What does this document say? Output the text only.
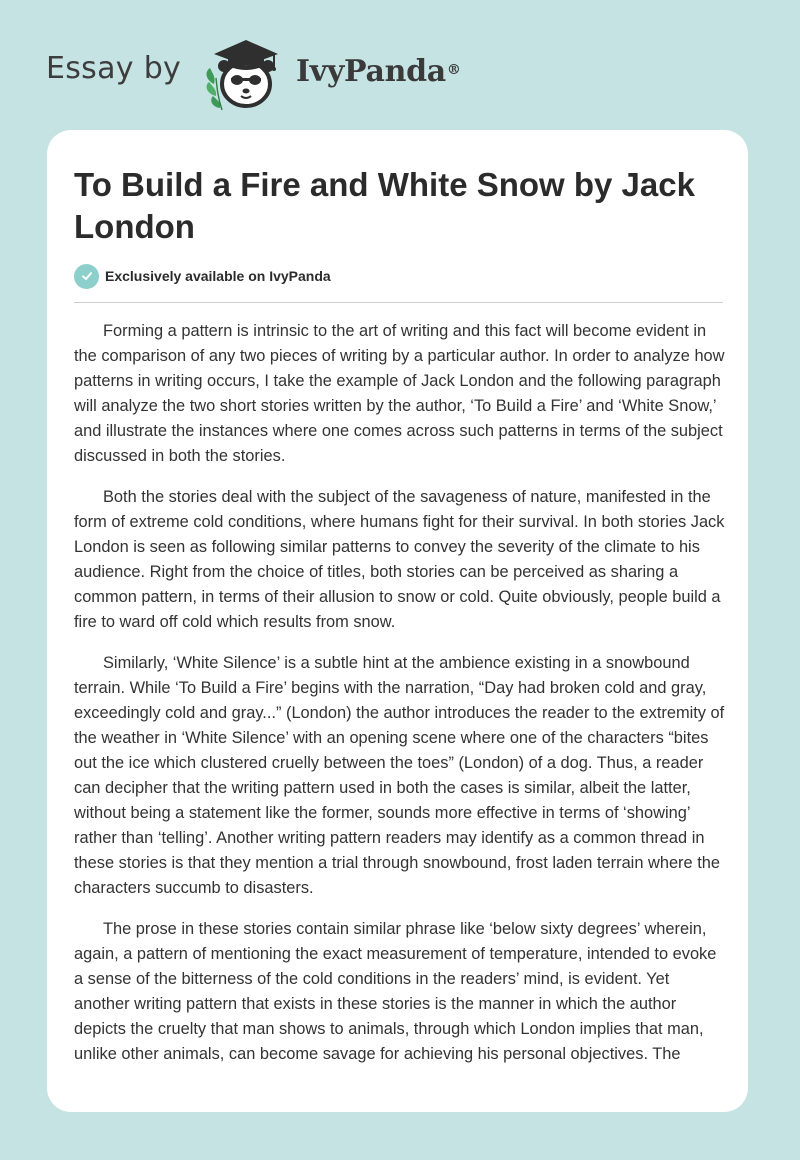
Essay by	IvyPanda®
To Build a Fire and White Snow by Jack London
Exclusively available on IvyPanda

Forming a pattern is intrinsic to the art of writing and this fact will become evident in the comparison of any two pieces of writing by a particular author. In order to analyze how patterns in writing occurs, I take the example of Jack London and the following paragraph will analyze the two short stories written by the author, ‘To Build a Fire’ and ‘White Snow,’ and illustrate the instances where one comes across such patterns in terms of the subject discussed in both the stories.

Both the stories deal with the subject of the savageness of nature, manifested in the form of extreme cold conditions, where humans fight for their survival. In both stories Jack London is seen as following similar patterns to convey the severity of the climate to his audience. Right from the choice of titles, both stories can be perceived as sharing a common pattern, in terms of their allusion to snow or cold. Quite obviously, people build a fire to ward off cold which results from snow.

Similarly, ‘White Silence’ is a subtle hint at the ambience existing in a snowbound terrain. While ‘To Build a Fire’ begins with the narration, “Day had broken cold and gray, exceedingly cold and gray...” (London) the author introduces the reader to the extremity of the weather in ‘White Silence’ with an opening scene where one of the characters “bites out the ice which clustered cruelly between the toes” (London) of a dog. Thus, a reader can decipher that the writing pattern used in both the cases is similar, albeit the latter, without being a statement like the former, sounds more effective in terms of ‘showing’ rather than ‘telling’. Another writing pattern readers may identify as a common thread in these stories is that they mention a trial through snowbound, frost laden terrain where the characters succumb to disasters.

The prose in these stories contain similar phrase like ‘below sixty degrees’ wherein, again, a pattern of mentioning the exact measurement of temperature, intended to evoke a sense of the bitterness of the cold conditions in the readers’ mind, is evident. Yet another writing pattern that exists in these stories is the manner in which the author depicts the cruelty that man shows to animals, through which London implies that man, unlike other animals, can become savage for achieving his personal objectives. The
